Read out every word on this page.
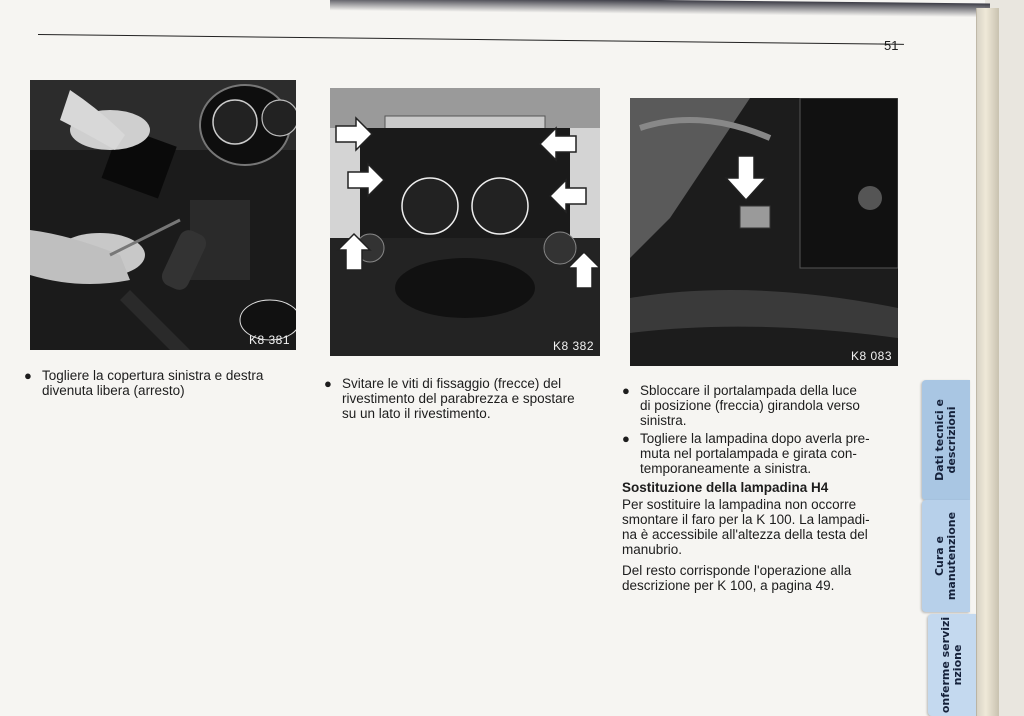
51
K8 381	K8 382
K8 083
● Togliere la copertura sinistra e destra
divenuta libera (arresto)	● Svitare le viti di fissaggio (frecce) del
rivestimento del parabrezza e spostare
su un lato il rivestimento.
● Sbloccare il portalampada della luce
di posizione (freccia) girandola verso
sinistra.
● Togliere la lampadina dopo averla pre-
muta nel portalampada e girata con-
temporaneamente a sinistra.
Sostituzione della lampadina H4
Per sostituire la lampadina non occorre
smontare il faro per la K 100. La lampadi-
na è accessibile all'altezza della testa del
manubrio.
Del resto corrisponde l'operazione alla
descrizione per K 100, a pagina 49.
Dati tecnici e descrizioni
Cura e manutenzione
onferme servizi nzione
